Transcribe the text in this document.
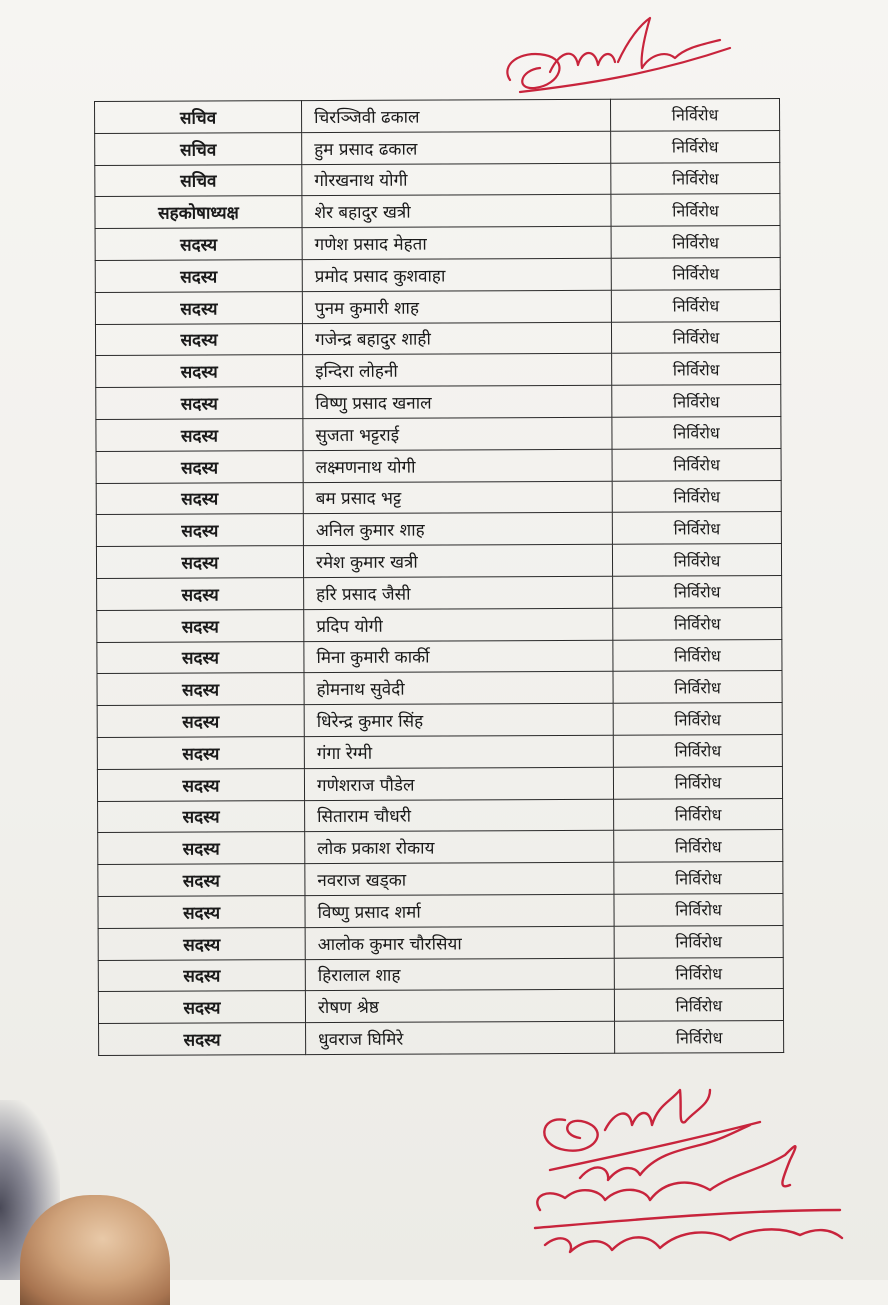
सचिव	चिरञ्जिवी ढकाल	निर्विरोध
सचिव	हुम प्रसाद ढकाल	निर्विरोध
सचिव	गोरखनाथ योगी	निर्विरोध
सहकोषाध्यक्ष	शेर बहादुर खत्री	निर्विरोध
सदस्य	गणेश प्रसाद मेहता	निर्विरोध
सदस्य	प्रमोद प्रसाद कुशवाहा	निर्विरोध
सदस्य	पुनम कुमारी शाह	निर्विरोध
सदस्य	गजेन्द्र बहादुर शाही	निर्विरोध
सदस्य	इन्दिरा लोहनी	निर्विरोध
सदस्य	विष्णु प्रसाद खनाल	निर्विरोध
सदस्य	सुजता भट्टराई	निर्विरोध
सदस्य	लक्ष्मणनाथ योगी	निर्विरोध
सदस्य	बम प्रसाद भट्ट	निर्विरोध
सदस्य	अनिल कुमार शाह	निर्विरोध
सदस्य	रमेश कुमार खत्री	निर्विरोध
सदस्य	हरि प्रसाद जैसी	निर्विरोध
सदस्य	प्रदिप योगी	निर्विरोध
सदस्य	मिना कुमारी कार्की	निर्विरोध
सदस्य	होमनाथ सुवेदी	निर्विरोध
सदस्य	धिरेन्द्र कुमार सिंह	निर्विरोध
सदस्य	गंगा रेग्मी	निर्विरोध
सदस्य	गणेशराज पौडेल	निर्विरोध
सदस्य	सिताराम चौधरी	निर्विरोध
सदस्य	लोक प्रकाश रोकाय	निर्विरोध
सदस्य	नवराज खड्का	निर्विरोध
सदस्य	विष्णु प्रसाद शर्मा	निर्विरोध
सदस्य	आलोक कुमार चौरसिया	निर्विरोध
सदस्य	हिरालाल शाह	निर्विरोध
सदस्य	रोषण श्रेष्ठ	निर्विरोध
सदस्य	धुवराज घिमिरे	निर्विरोध
